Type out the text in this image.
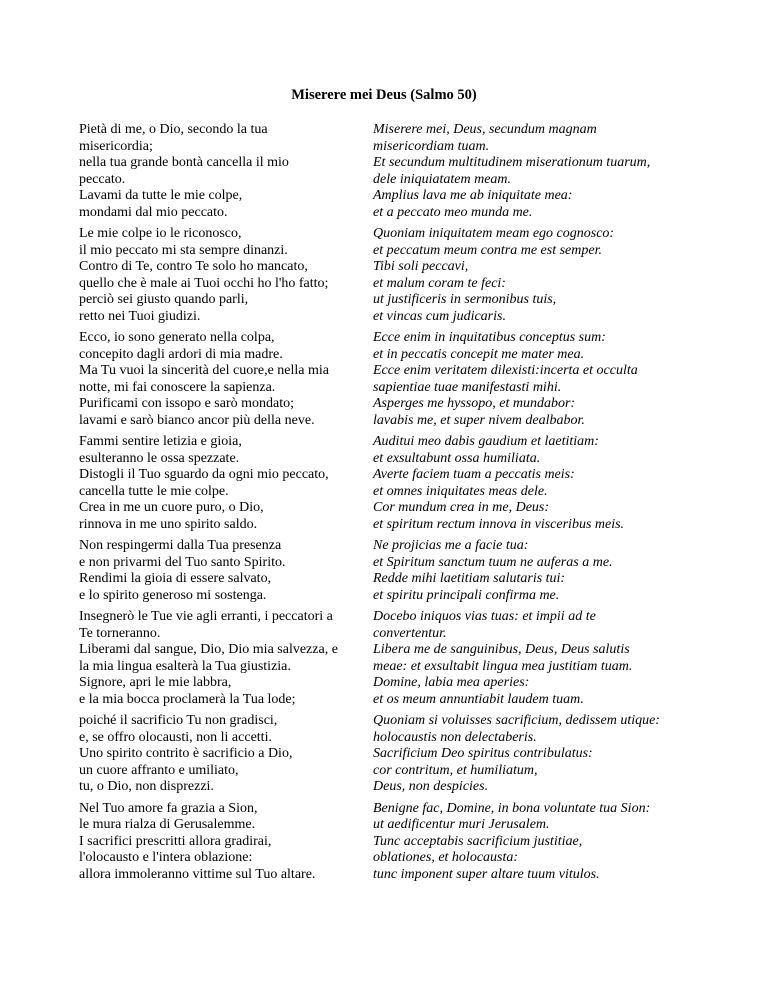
Miserere mei Deus (Salmo 50)
Pietà di me, o Dio, secondo la tua
misericordia;
nella tua grande bontà cancella il mio
peccato.
Lavami da tutte le mie colpe,
mondami dal mio peccato.
Miserere mei, Deus, secundum magnam
misericordiam tuam.
Et secundum multitudinem miserationum tuarum,
dele iniquiatatem meam.
Amplius lava me ab iniquitate mea:
et a peccato meo munda me.
Le mie colpe io le riconosco,
il mio peccato mi sta sempre dinanzi.
Contro di Te, contro Te solo ho mancato,
quello che è male ai Tuoi occhi ho l'ho fatto;
perciò sei giusto quando parli,
retto nei Tuoi giudizi.
Quoniam iniquitatem meam ego cognosco:
et peccatum meum contra me est semper.
Tibi soli peccavi,
et malum coram te feci:
ut justificeris in sermonibus tuis,
et vincas cum judicaris.
Ecco, io sono generato nella colpa,
concepito dagli ardori di mia madre.
Ma Tu vuoi la sincerità del cuore,e nella mia
notte, mi fai conoscere la sapienza.
Purificami con issopo e sarò mondato;
lavami e sarò bianco ancor più della neve.
Ecce enim in inquitatibus conceptus sum:
et in peccatis concepit me mater mea.
Ecce enim veritatem dilexisti:incerta et occulta
sapientiae tuae manifestasti mihi.
Asperges me hyssopo, et mundabor:
lavabis me, et super nivem dealbabor.
Fammi sentire letizia e gioia,
esulteranno le ossa spezzate.
Distogli il Tuo sguardo da ogni mio peccato,
cancella tutte le mie colpe.
Crea in me un cuore puro, o Dio,
rinnova in me uno spirito saldo.
Auditui meo dabis gaudium et laetitiam:
et exsultabunt ossa humiliata.
Averte faciem tuam a peccatis meis:
et omnes iniquitates meas dele.
Cor mundum crea in me, Deus:
et spiritum rectum innova in visceribus meis.
Non respingermi dalla Tua presenza
e non privarmi del Tuo santo Spirito.
Rendimi la gioia di essere salvato,
e lo spirito generoso mi sostenga.
Ne projicias me a facie tua:
et Spiritum sanctum tuum ne auferas a me.
Redde mihi laetitiam salutaris tui:
et spiritu principali confirma me.
Insegnerò le Tue vie agli erranti, i peccatori a
Te torneranno.
Liberami dal sangue, Dio, Dio mia salvezza, e
la mia lingua esalterà la Tua giustizia.
Signore, apri le mie labbra,
e la mia bocca proclamerà la Tua lode;
Docebo iniquos vias tuas: et impii ad te
convertentur.
Libera me de sanguinibus, Deus, Deus salutis
meae: et exsultabit lingua mea justitiam tuam.
Domine, labia mea aperies:
et os meum annuntiabit laudem tuam.
poiché il sacrificio Tu non gradisci,
e, se offro olocausti, non li accetti.
Uno spirito contrito è sacrificio a Dio,
un cuore affranto e umiliato,
tu, o Dio, non disprezzi.
Quoniam si voluisses sacrificium, dedissem utique:
holocaustis non delectaberis.
Sacrificium Deo spiritus contribulatus:
cor contritum, et humiliatum,
Deus, non despicies.
Nel Tuo amore fa grazia a Sion,
le mura rialza di Gerusalemme.
I sacrifici prescritti allora gradirai,
l'olocausto e l'intera oblazione:
allora immoleranno vittime sul Tuo altare.
Benigne fac, Domine, in bona voluntate tua Sion:
ut aedificentur muri Jerusalem.
Tunc acceptabis sacrificium justitiae,
oblationes, et holocausta:
tunc imponent super altare tuum vitulos.
